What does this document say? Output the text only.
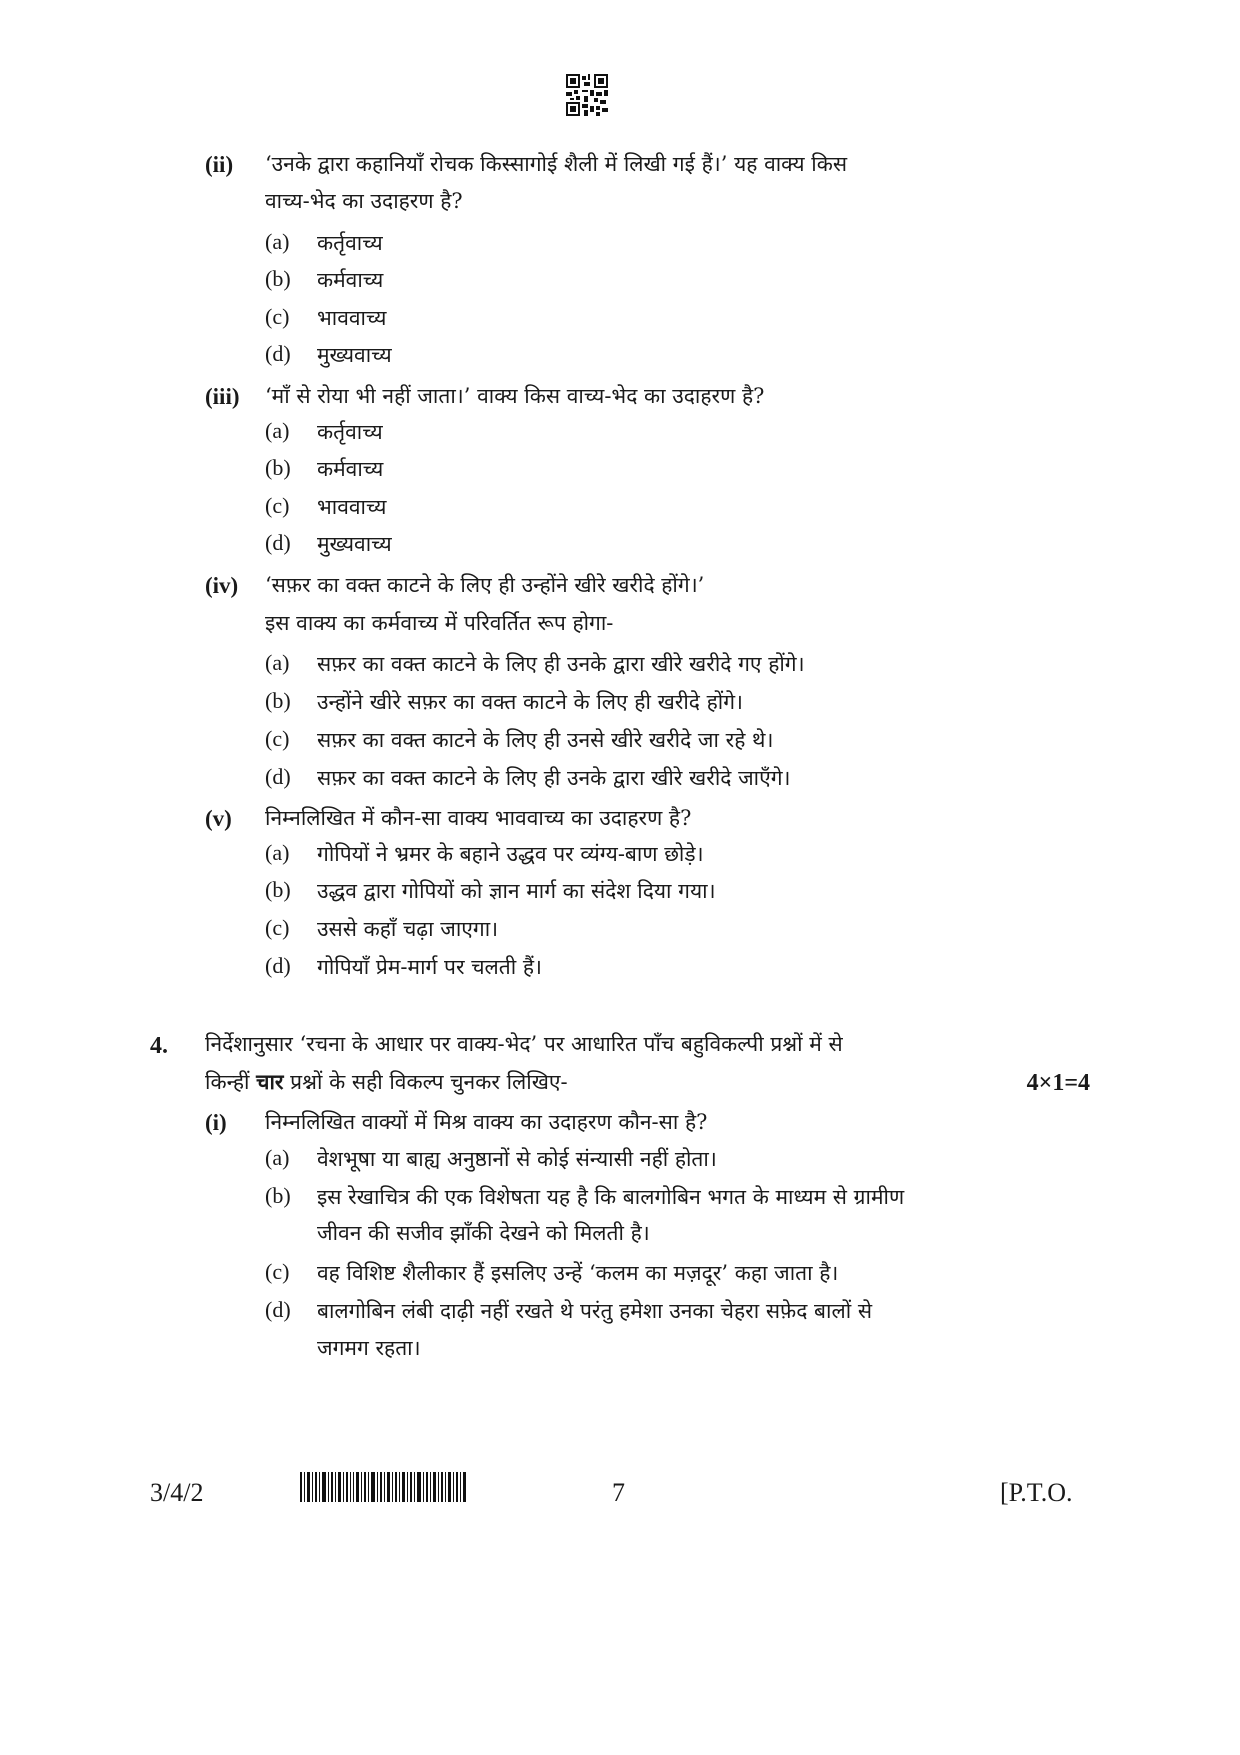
(ii) ‘उनके द्वारा कहानियाँ रोचक किस्सागोई शैली में लिखी गई हैं।’ यह वाक्य किस
वाच्य-भेद का उदाहरण है?
(a) कर्तृवाच्य
(b) कर्मवाच्य
(c) भाववाच्य
(d) मुख्यवाच्य
(iii) ‘माँ से रोया भी नहीं जाता।’ वाक्य किस वाच्य-भेद का उदाहरण है?
(a) कर्तृवाच्य
(b) कर्मवाच्य
(c) भाववाच्य
(d) मुख्यवाच्य
(iv) ‘सफ़र का वक्त काटने के लिए ही उन्होंने खीरे खरीदे होंगे।’
इस वाक्य का कर्मवाच्य में परिवर्तित रूप होगा-
(a) सफ़र का वक्त काटने के लिए ही उनके द्वारा खीरे खरीदे गए होंगे।
(b) उन्होंने खीरे सफ़र का वक्त काटने के लिए ही खरीदे होंगे।
(c) सफ़र का वक्त काटने के लिए ही उनसे खीरे खरीदे जा रहे थे।
(d) सफ़र का वक्त काटने के लिए ही उनके द्वारा खीरे खरीदे जाएँगे।
(v) निम्नलिखित में कौन-सा वाक्य भाववाच्य का उदाहरण है?
(a) गोपियों ने भ्रमर के बहाने उद्धव पर व्यंग्य-बाण छोड़े।
(b) उद्धव द्वारा गोपियों को ज्ञान मार्ग का संदेश दिया गया।
(c) उससे कहाँ चढ़ा जाएगा।
(d) गोपियाँ प्रेम-मार्ग पर चलती हैं।
4. निर्देशानुसार ‘रचना के आधार पर वाक्य-भेद’ पर आधारित पाँच बहुविकल्पी प्रश्नों में से
किन्हीं चार प्रश्नों के सही विकल्प चुनकर लिखिए-	4×1=4
(i) निम्नलिखित वाक्यों में मिश्र वाक्य का उदाहरण कौन-सा है?
(a) वेशभूषा या बाह्य अनुष्ठानों से कोई संन्यासी नहीं होता।
(b) इस रेखाचित्र की एक विशेषता यह है कि बालगोबिन भगत के माध्यम से ग्रामीण
जीवन की सजीव झाँकी देखने को मिलती है।
(c) वह विशिष्ट शैलीकार हैं इसलिए उन्हें ‘कलम का मज़दूर’ कहा जाता है।
(d) बालगोबिन लंबी दाढ़ी नहीं रखते थे परंतु हमेशा उनका चेहरा सफ़ेद बालों से
जगमग रहता।
3/4/2	7	[P.T.O.
